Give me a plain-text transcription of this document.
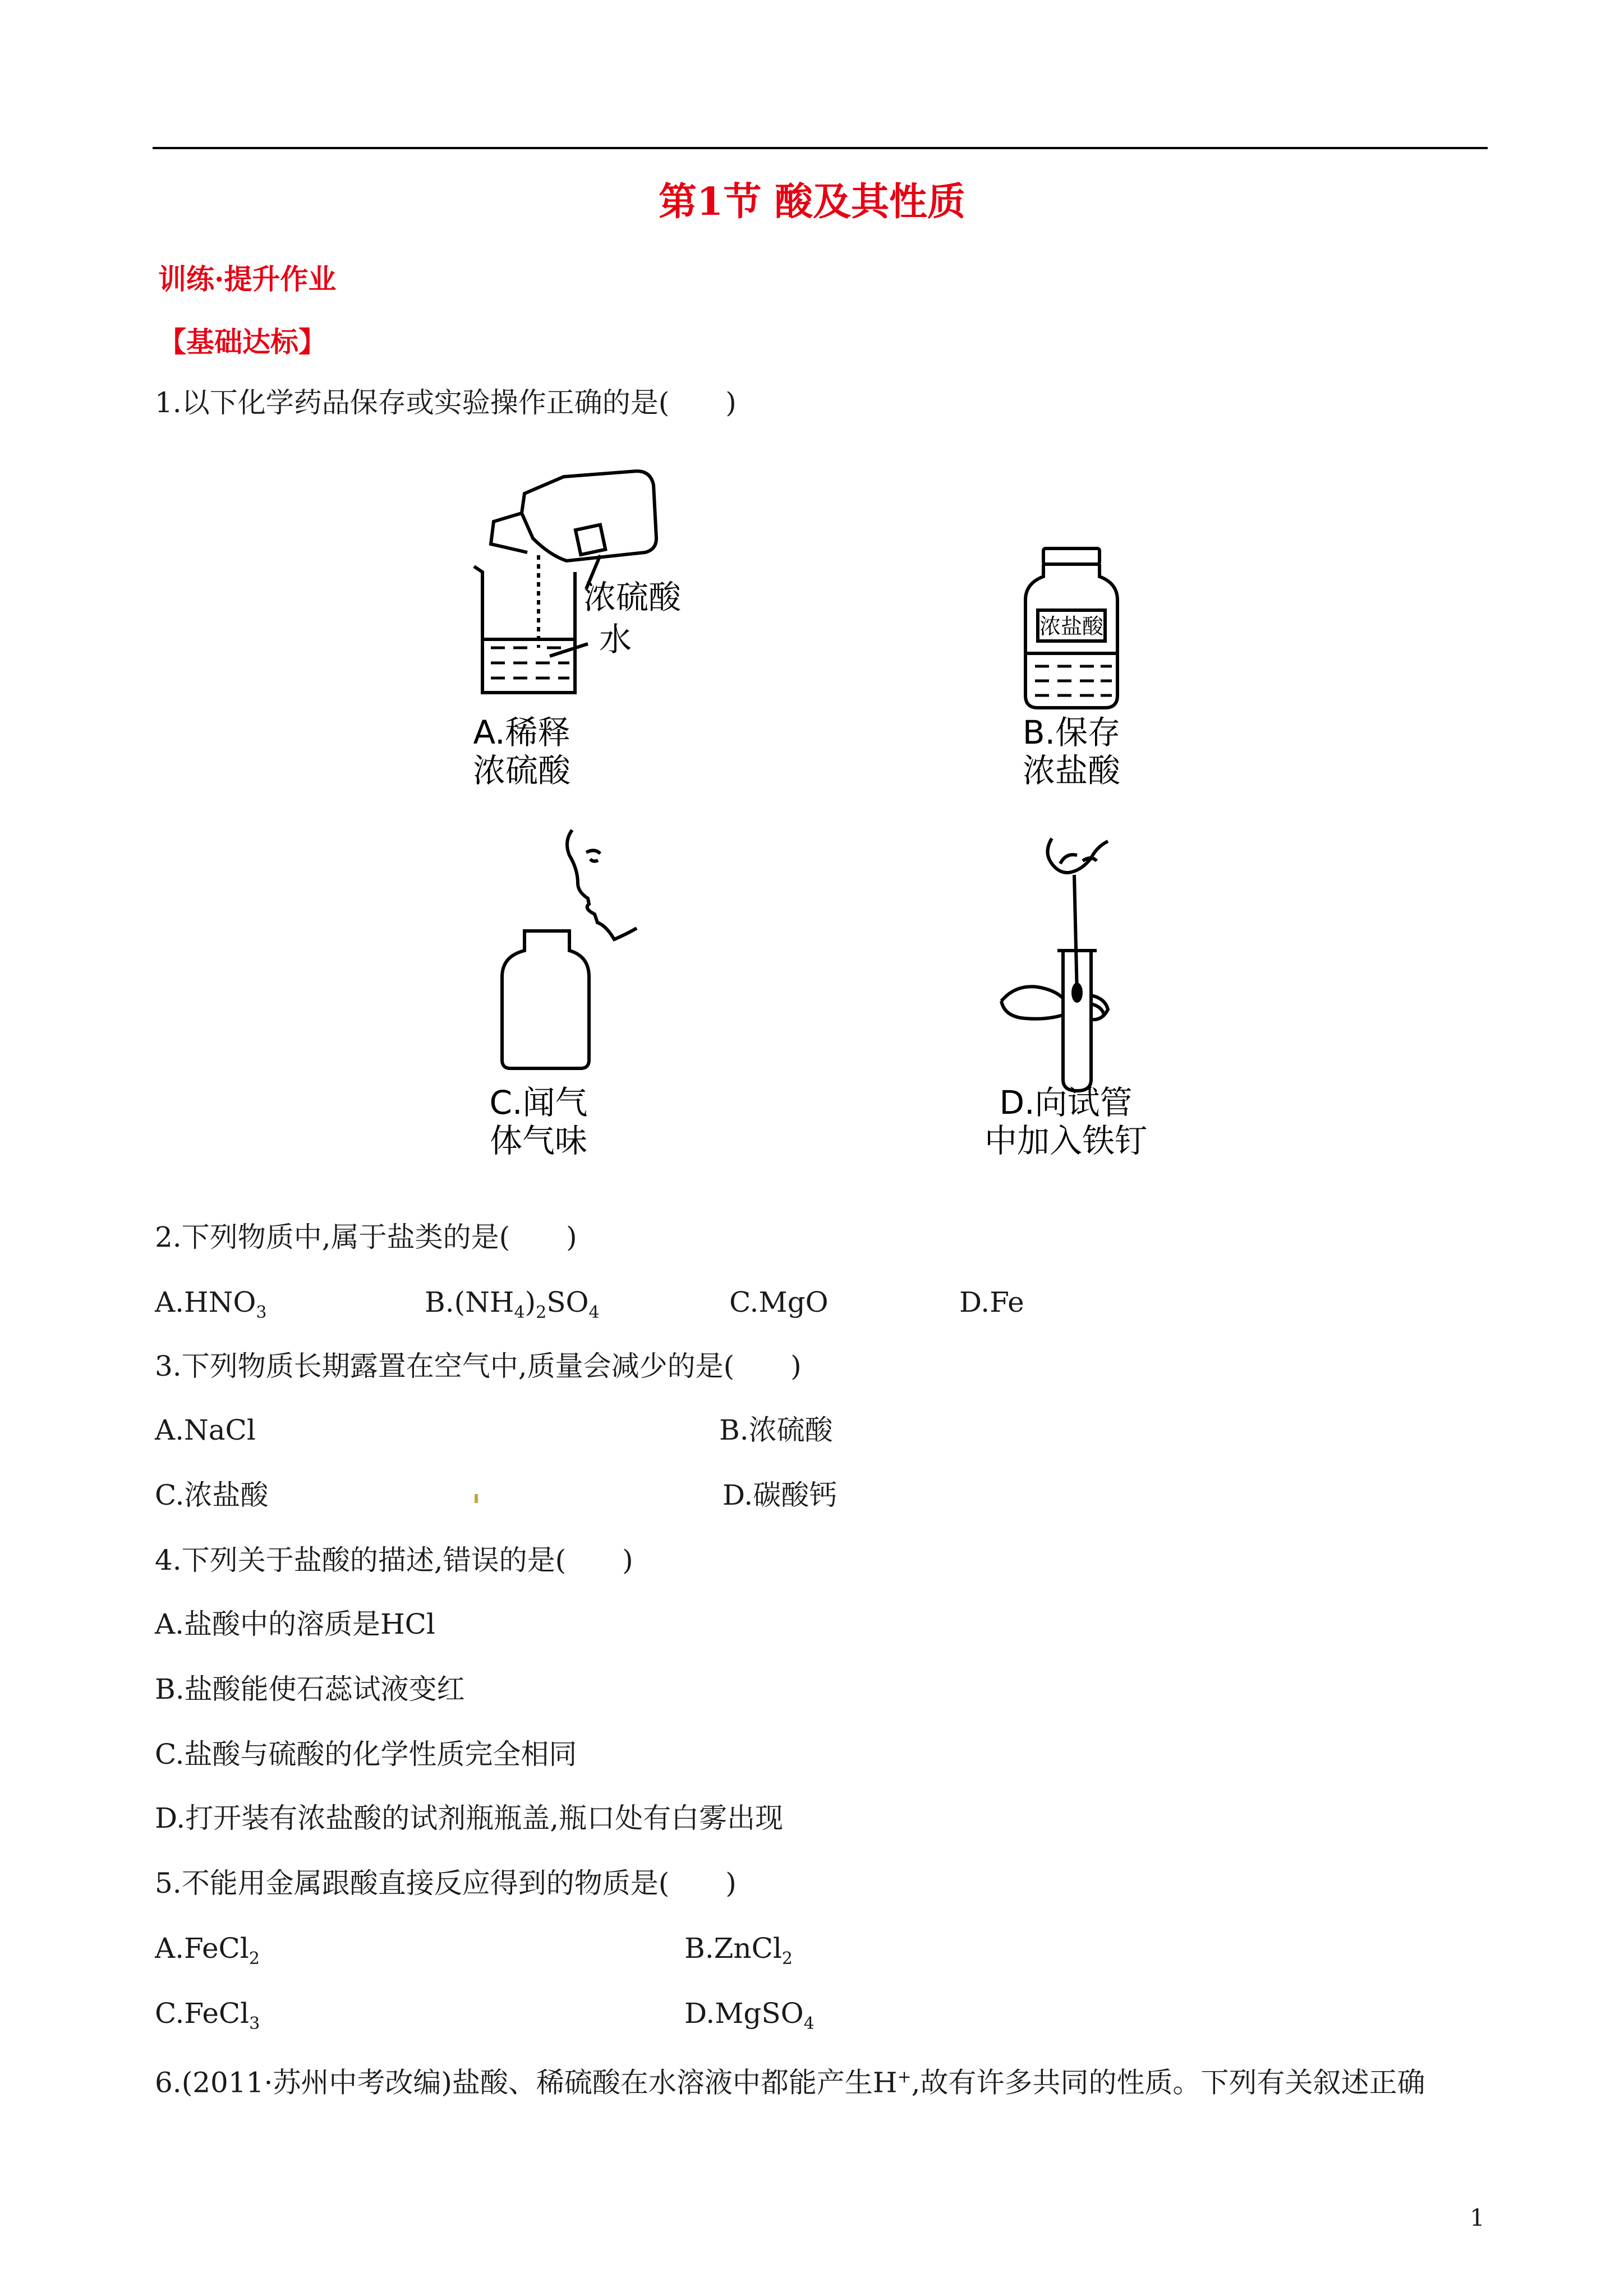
第1节 酸及其性质
训练·提升作业
【基础达标】
1.以下化学药品保存或实验操作正确的是(　　)
浓硫酸
水
A.稀释
浓硫酸
浓盐酸
B.保存
浓盐酸
C.闻气
体气味
D.向试管
中加入铁钉
2.下列物质中,属于盐类的是(　　)
$A.HNO_3$	$B.(NH_4)_2SO_4$	C.MgO	D.Fe
3.下列物质长期露置在空气中,质量会减少的是(　　)
A.NaCl	B.浓硫酸
C.浓盐酸	D.碳酸钙
4.下列关于盐酸的描述,错误的是(　　)
A.盐酸中的溶质是HCl
B.盐酸能使石蕊试液变红
C.盐酸与硫酸的化学性质完全相同
D.打开装有浓盐酸的试剂瓶瓶盖,瓶口处有白雾出现
5.不能用金属跟酸直接反应得到的物质是(　　)
A.FeCl$_2$	B.ZnCl$_2$
C.FeCl$_3$	D.MgSO$_4$
6.(2011·苏州中考改编)盐酸、稀硫酸在水溶液中都能产生H+,故有许多共同的性质。下列有关叙述正确
1
